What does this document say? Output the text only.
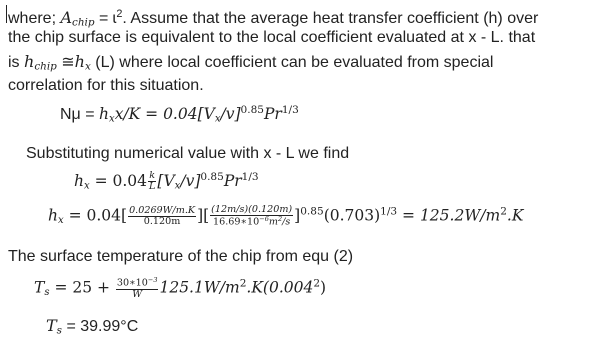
where; $A_{chip}$ = ɩ$^2$. Assume that the average heat transfer coefficient (h) over
the chip surface is equivalent to the local coefficient evaluated at x - L. that
is $h_{chip}$ $≅h_x$ (L) where local coefficient can be evaluated from special
correlation for this situation.
$N\mu = h_xx/K = 0.04[V_x/v]^{0.85}Pr^{1/3}$
Substituting numerical value with x - L we find
$h_x = 0.04 \frac{k}{L} [V_x/v]^{0.85}Pr^{1/3}$
$h_x = 0.04[ \frac{0.0269W/m.K}{0.120m}$ ][ $\frac{(12m/s)(0.120m)}{16.69∗10^{-6}m^2/s} ]^{0.85}(0.703)^{1/3} = 125.2W/m^2.K$
The surface temperature of the chip from equ (2)
$T_s = 25 + \frac{30∗10^{-3}}{W} 125.1W/m^2.K(0.004^2)$
$T_s = 39.99^\circ C$
